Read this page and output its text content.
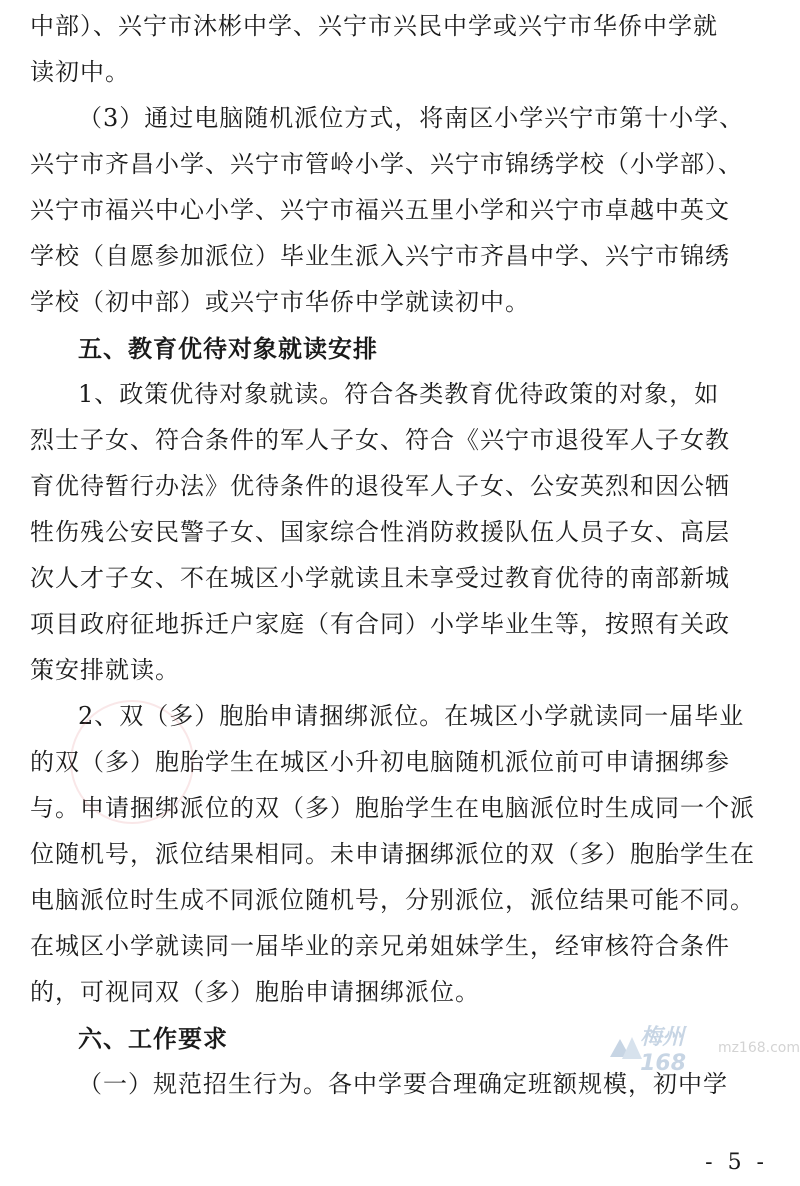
中部）、兴宁市沐彬中学、兴宁市兴民中学或兴宁市华侨中学就
读初中。
（3）通过电脑随机派位方式，将南区小学兴宁市第十小学、
兴宁市齐昌小学、兴宁市管岭小学、兴宁市锦绣学校（小学部）、
兴宁市福兴中心小学、兴宁市福兴五里小学和兴宁市卓越中英文
学校（自愿参加派位）毕业生派入兴宁市齐昌中学、兴宁市锦绣
学校（初中部）或兴宁市华侨中学就读初中。
五、教育优待对象就读安排
1、政策优待对象就读。符合各类教育优待政策的对象，如
烈士子女、符合条件的军人子女、符合《兴宁市退役军人子女教
育优待暂行办法》优待条件的退役军人子女、公安英烈和因公牺
牲伤残公安民警子女、国家综合性消防救援队伍人员子女、高层
次人才子女、不在城区小学就读且未享受过教育优待的南部新城
项目政府征地拆迁户家庭（有合同）小学毕业生等，按照有关政
策安排就读。
2、双（多）胞胎申请捆绑派位。在城区小学就读同一届毕业
的双（多）胞胎学生在城区小升初电脑随机派位前可申请捆绑参
与。申请捆绑派位的双（多）胞胎学生在电脑派位时生成同一个派
位随机号，派位结果相同。未申请捆绑派位的双（多）胞胎学生在
电脑派位时生成不同派位随机号，分别派位，派位结果可能不同。
在城区小学就读同一届毕业的亲兄弟姐妹学生，经审核符合条件
的，可视同双（多）胞胎申请捆绑派位。
六、工作要求
（一）规范招生行为。各中学要合理确定班额规模，初中学
梅州168
mz168.com
- 5 -
